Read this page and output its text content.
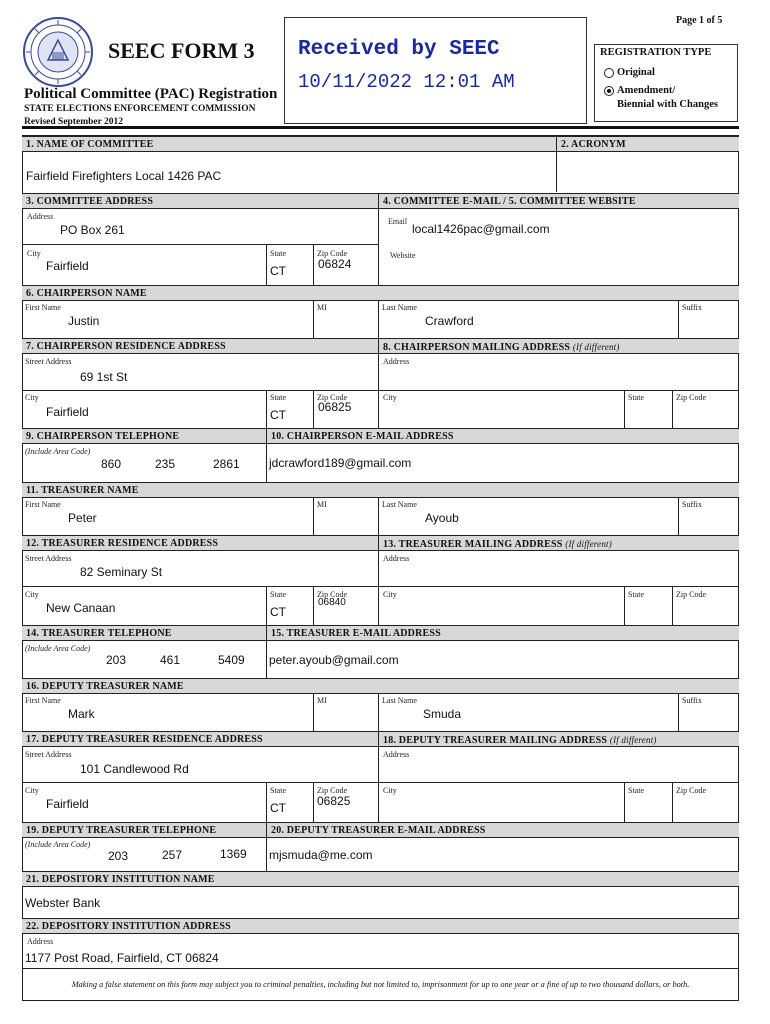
SEEC FORM 3
Political Committee (PAC) Registration
STATE ELECTIONS ENFORCEMENT COMMISSION
Revised September 2012
Received by SEEC
10/11/2022 12:01 AM
Page 1 of 5
REGISTRATION TYPE
Original
Amendment/
Biennial with Changes
1. NAME OF COMMITTEE	2. ACRONYM
Fairfield Firefighters Local 1426 PAC
3. COMMITTEE ADDRESS	4. COMMITTEE E-MAIL / 5. COMMITTEE WEBSITE
Address
PO Box 261
Email
local1426pac@gmail.com
City
Fairfield
State
CT
Zip Code
06824
Website
6. CHAIRPERSON NAME
First Name
Justin
MI	Last Name
Crawford
Suffix
7. CHAIRPERSON RESIDENCE ADDRESS	8. CHAIRPERSON MAILING ADDRESS (If different)
Street Address
69 1st St
Address
City
Fairfield
State
CT
Zip Code
06825
City	State	Zip Code
9. CHAIRPERSON TELEPHONE	10. CHAIRPERSON E-MAIL ADDRESS
(Include Area Code)
860	235	2861 jdcrawford189@gmail.com
11. TREASURER NAME
First Name
Peter
MI	Last Name
Ayoub
Suffix
12. TREASURER RESIDENCE ADDRESS	13. TREASURER MAILING ADDRESS (If different)
Street Address
82 Seminary St
Address
City
New Canaan
State
CT
Zip Code
06840
City	State	Zip Code
14. TREASURER TELEPHONE	15. TREASURER E-MAIL ADDRESS
(Include Area Code)
203	461	5409 peter.ayoub@gmail.com
16. DEPUTY TREASURER NAME
First Name
Mark
MI	Last Name
Smuda
Suffix
17. DEPUTY TREASURER RESIDENCE ADDRESS	18. DEPUTY TREASURER MAILING ADDRESS (If different)
Street Address
101 Candlewood Rd
Address
City
Fairfield
State
CT
Zip Code
06825
City	State	Zip Code
19. DEPUTY TREASURER TELEPHONE	20. DEPUTY TREASURER E-MAIL ADDRESS
(Include Area Code)
203	257	1369 mjsmuda@me.com
21. DEPOSITORY INSTITUTION NAME
Webster Bank
22. DEPOSITORY INSTITUTION ADDRESS
Address
1177 Post Road, Fairfield, CT 06824
Making a false statement on this form may subject you to criminal penalties, including but not limited to, imprisonment for up to one year or a fine of up to two thousand dollars, or both.
